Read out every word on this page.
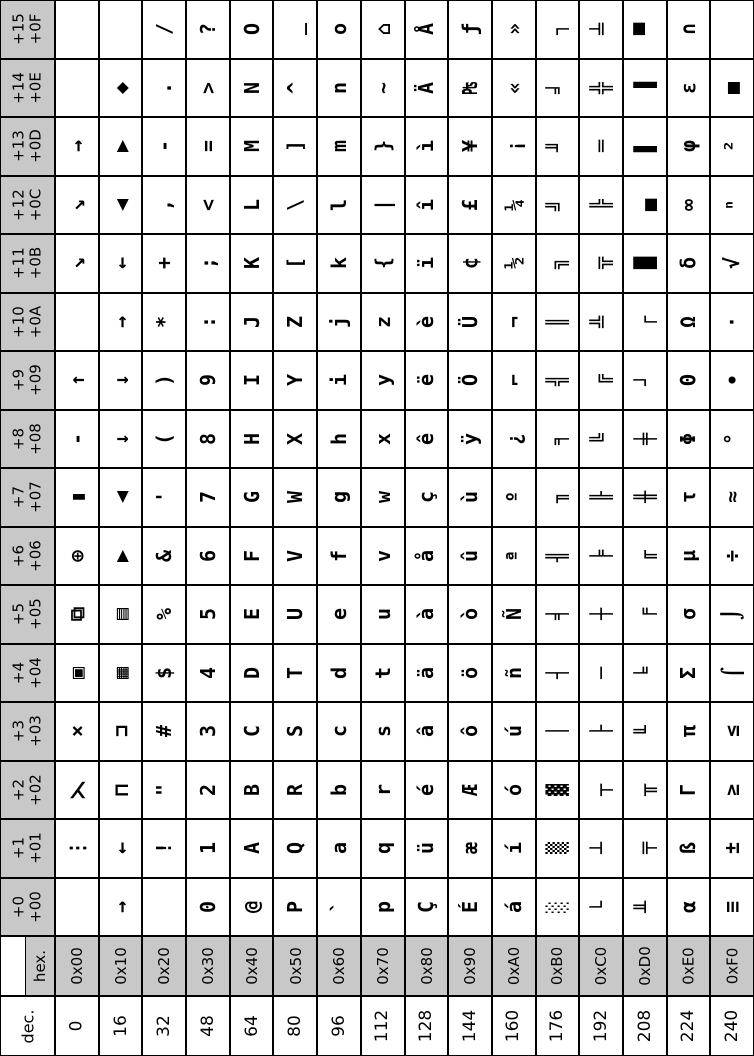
+15 +0F
+14 +0E
+13 +0D
+12 +0C
+11 +0B
+10 +0A
+9 +09
+8 +08
+7 +07
+6 +06
+5 +05
+4 +04
+3 +03
+2 +02
+1 +01
+0 +00
dec.
→
↘
↘
↑
-
▮
⊕
⧉
▣
×
⋋
⋮
0x00
0
◆
▶
◀
←
→
↓
↓
◀
▶
▤
▦
⊐
⊓
←
→
0x10
16
/
.
-
,
+
*
)
(
'
&
%
$
#
"
!
0x20
32
?
>
=
<
;
:
9
8
7
6
5
4
3
2
1
0
0x30
48
O
N
M
L
K
J
I
H
G
F
E
D
C
B
A
@
0x40
64
_
^
]
\
[
Z
Y
X
W
V
U
T
S
R
Q
P
0x50
80
o
n
m
l
k
j
i
h
g
f
e
d
c
b
a
`
0x60
96
⌂
~
}
|
{
z
y
x
w
v
u
t
s
r
q
p
0x70
112
Å
Ä
ì
î
ï
è
ë
ê
ç
å
à
ä
â
é
ü
Ç
0x80
128
ƒ
₧
¥
£
¢
Ü
Ö
ÿ
ù
û
ò
ö
ô
Æ
æ
É
0x90
144
»
«
¡
¼
½
¬
⌐
¿
º
ª
Ñ
ñ
ú
ó
í
á
0xA0
160
┐
╛
╜
╝
╗
║
╣
╕
╖
╢
╡
┤
│
▓
▒
░
0xB0
176
╧
╬
═
╠
╦
╩
╔
╚
╟
╞
┼
─
├
┬
┴
└
0xC0
192
▀
▐
▌
▄
█
┌
┘
╪
╫
╓
╒
╘
╙
╥
╤
╨
0xD0
208
∩
ε
φ
∞
δ
Ω
Θ
Φ
τ
µ
σ
Σ
π
Γ
ß
α
0xE0
224
■
²
ⁿ
√
·
∙
°
≈
÷
⌡
⌠
≤
≥
±
≡
0xF0
240
hex.
